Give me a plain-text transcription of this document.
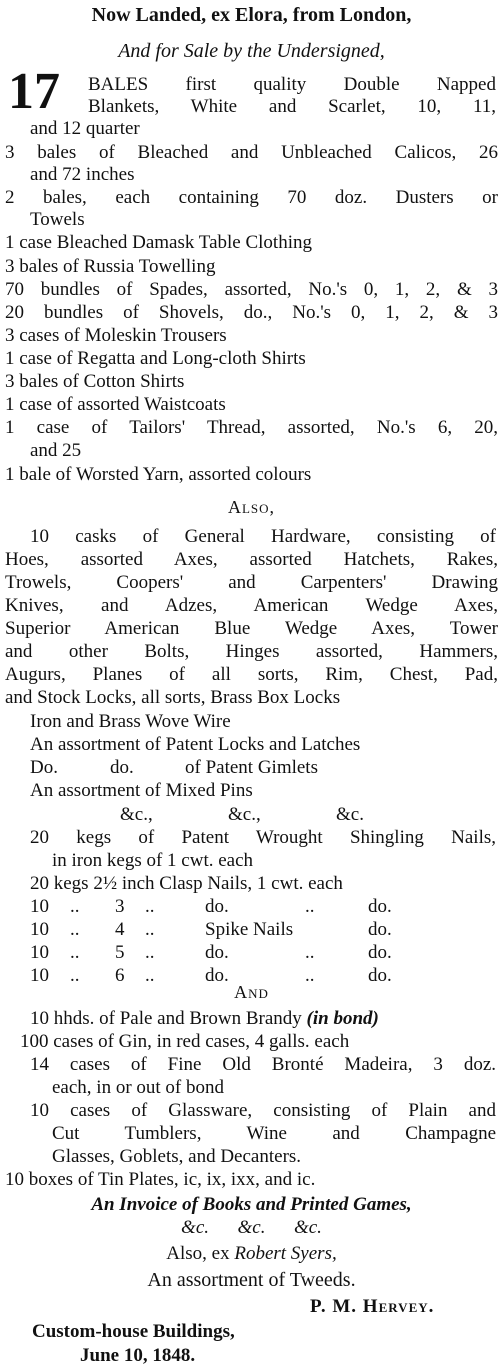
Now Landed, ex Elora, from London,
And for Sale by the Undersigned,
17 BALES first quality Double Napped
Blankets, White and Scarlet, 10, 11,
and 12 quarter
3 bales of Bleached and Unbleached Calicos, 26
and 72 inches
2 bales, each containing 70 doz. Dusters or
Towels
1 case Bleached Damask Table Clothing
3 bales of Russia Towelling
70 bundles of Spades, assorted, No.'s 0, 1, 2, & 3
20 bundles of Shovels, do., No.'s 0, 1, 2, & 3
3 cases of Moleskin Trousers
1 case of Regatta and Long-cloth Shirts
3 bales of Cotton Shirts
1 case of assorted Waistcoats
1 case of Tailors' Thread, assorted, No.'s 6, 20,
and 25
1 bale of Worsted Yarn, assorted colours
Also,
10 casks of General Hardware, consisting of
Hoes, assorted Axes, assorted Hatchets, Rakes,
Trowels, Coopers' and Carpenters' Drawing
Knives, and Adzes, American Wedge Axes,
Superior American Blue Wedge Axes, Tower
and other Bolts, Hinges assorted, Hammers,
Augurs, Planes of all sorts, Rim, Chest, Pad,
and Stock Locks, all sorts, Brass Box Locks
Iron and Brass Wove Wire
An assortment of Patent Locks and Latches
Do.	do.	of Patent Gimlets
An assortment of Mixed Pins
&c.,	&c.,	&c.
20 kegs of Patent Wrought Shingling Nails,
in iron kegs of 1 cwt. each
20 kegs 2½ inch Clasp Nails, 1 cwt. each
10 .. 3 ..	do.	..	do.
10 .. 4 ..	Spike Nails	do.
10 .. 5 ..	do.	..	do.
10 .. 6 ..	do.	..	do.
And
10 hhds. of Pale and Brown Brandy (in bond)
100 cases of Gin, in red cases, 4 galls. each
14 cases of Fine Old Bronté Madeira, 3 doz.
each, in or out of bond
10 cases of Glassware, consisting of Plain and
Cut Tumblers, Wine and Champagne
Glasses, Goblets, and Decanters.
10 boxes of Tin Plates, ic, ix, ixx, and ic.
An Invoice of Books and Printed Games,
&c.      &c.      &c.
Also, ex Robert Syers,
An assortment of Tweeds.
P. M. Hervey.
Custom-house Buildings,
June 10, 1848.
